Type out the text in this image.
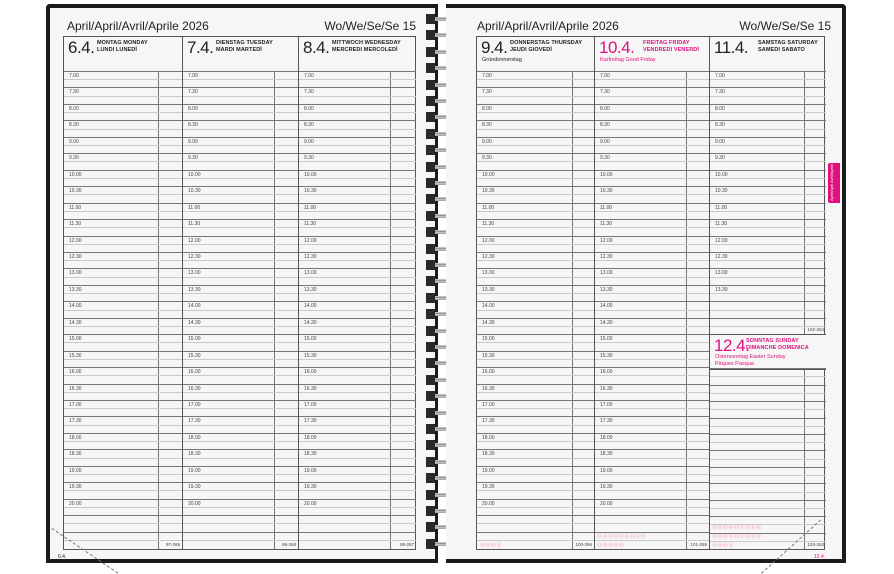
April/April/Avril/Aprile 2026	Wo/We/Se/Se 15
6.4. MONTAG MONDAY
LUNDI LUNEDÌ
7.00
7.30
8.00
8.30
9.00
9.30
10.00
10.30
11.00
11.30
12.00
12.30
13.00
13.30
14.00
14.30
15.00
15.30
16.00
16.30
17.00
17.30
18.00
18.30
19.00
19.30
20.00
97-269
7.4. DIENSTAG TUESDAY
MARDI MARTEDÌ
7.00
7.30
8.00
8.30
9.00
9.30
10.00
10.30
11.00
11.30
12.00
12.30
13.00
13.30
14.00
14.30
15.00
15.30
16.00
16.30
17.00
17.30
18.00
18.30
19.00
19.30
20.00
98-268
8.4. MITTWOCH WEDNESDAY
MERCREDI MERCOLEDÌ
7.00
7.30
8.00
8.30
9.00
9.30
10.00
10.30
11.00
11.30
12.00
12.30
13.00
13.30
14.00
14.30
15.00
15.30
16.00
16.30
17.00
17.30
18.00
18.30
19.00
19.30
20.00
99-267
6.4.
April/April/Avril/Aprile 2026	Wo/We/Se/Se 15
9.4. DONNERSTAG THURSDAY
JEUDI GIOVEDÌ
Gründonnerstag
7.00
7.30
8.00
8.30
9.00
9.30
10.00
10.30
11.00
11.30
12.00
12.30
13.00
13.30
14.00
14.30
15.00
15.30
16.00
16.30
17.00
17.30
18.00
18.30
19.00
19.30
20.00
100-266
⓪⓪⓪⓪
10.4. FREITAG FRIDAY
VENDREDI VENERDÌ
Karfreitag Good Friday
7.00
7.30
8.00
8.30
9.00
9.30
10.00
10.30
11.00
11.30
12.00
12.30
13.00
13.30
14.00
14.30
15.00
15.30
16.00
16.30
17.00
17.30
18.00
18.30
19.00
19.30
20.00
101-265
⓪⓪⓪⓪⓪⓪⓪⓪⓪
⓪⓪⓪⓪⓪
11.4. SAMSTAG SATURDAY
SAMEDI SABATO
7.00
7.30
8.00
8.30
9.00
9.30
10.00
10.30
11.00
11.30
12.00
12.30
13.00
13.30
102-264
12.4.
SONNTAG SUNDAY
DIMANCHE DOMENICA
Ostersonntag Easter Sunday
Pâques Pasqua
103-263
⓪⓪⓪⓪⓪⓪⓪⓪⓪
⓪⓪⓪⓪⓪⓪⓪⓪⓪
⓪⓪⓪⓪
12.4.
April/April Avril/Aprile
